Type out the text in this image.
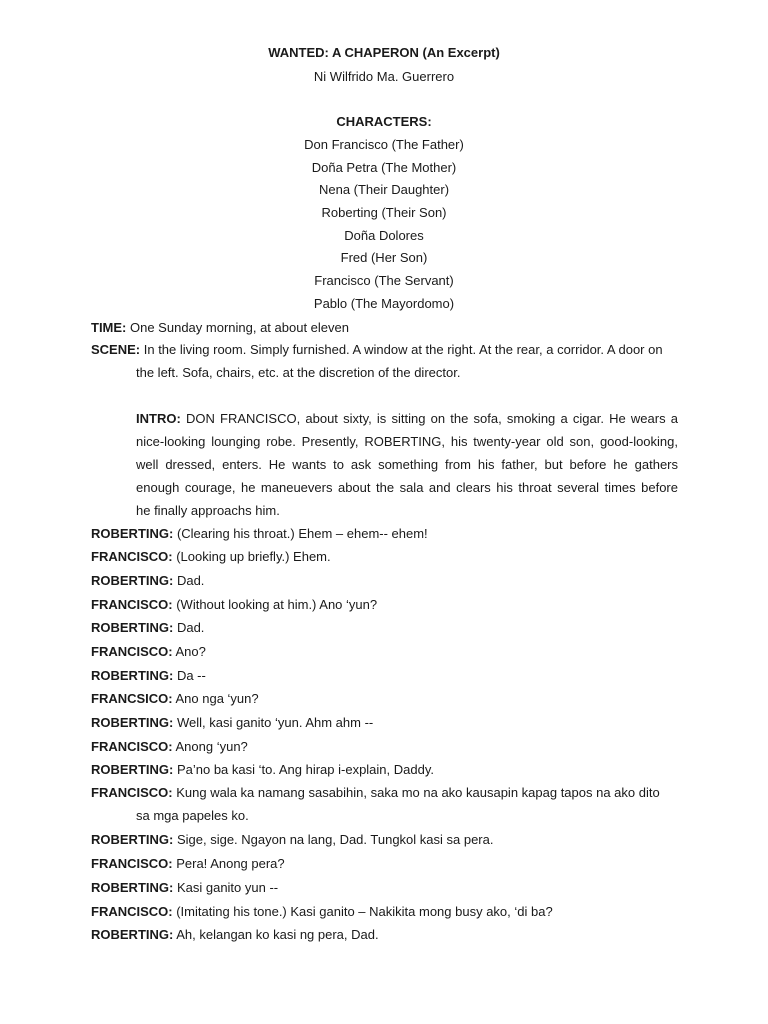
WANTED: A CHAPERON (An Excerpt)
Ni Wilfrido Ma. Guerrero
CHARACTERS:
Don Francisco (The Father)
Doña Petra (The Mother)
Nena (Their Daughter)
Roberting (Their Son)
Doña Dolores
Fred (Her Son)
Francisco (The Servant)
Pablo (The Mayordomo)
TIME: One Sunday morning, at about eleven
SCENE: In the living room. Simply furnished. A window at the right. At the rear, a corridor. A door on
the left. Sofa, chairs, etc. at the discretion of the director.
INTRO: DON FRANCISCO, about sixty, is sitting on the sofa, smoking a cigar. He wears a
nice-looking lounging robe. Presently, ROBERTING, his twenty-year old son, good-looking,
well dressed, enters. He wants to ask something from his father, but before he gathers
enough courage, he maneuevers about the sala and clears his throat several times before
he finally approachs him.
ROBERTING: (Clearing his throat.) Ehem – ehem-- ehem!
FRANCISCO: (Looking up briefly.) Ehem.
ROBERTING: Dad.
FRANCISCO: (Without looking at him.) Ano ‘yun?
ROBERTING: Dad.
FRANCISCO: Ano?
ROBERTING: Da --
FRANCSICO: Ano nga ‘yun?
ROBERTING: Well, kasi ganito ‘yun. Ahm ahm --
FRANCISCO: Anong ‘yun?
ROBERTING: Pa’no ba kasi ‘to. Ang hirap i-explain, Daddy.
FRANCISCO: Kung wala ka namang sasabihin, saka mo na ako kausapin kapag tapos na ako dito
sa mga papeles ko.
ROBERTING: Sige, sige. Ngayon na lang, Dad. Tungkol kasi sa pera.
FRANCISCO: Pera! Anong pera?
ROBERTING: Kasi ganito yun --
FRANCISCO: (Imitating his tone.) Kasi ganito – Nakikita mong busy ako, ‘di ba?
ROBERTING: Ah, kelangan ko kasi ng pera, Dad.
